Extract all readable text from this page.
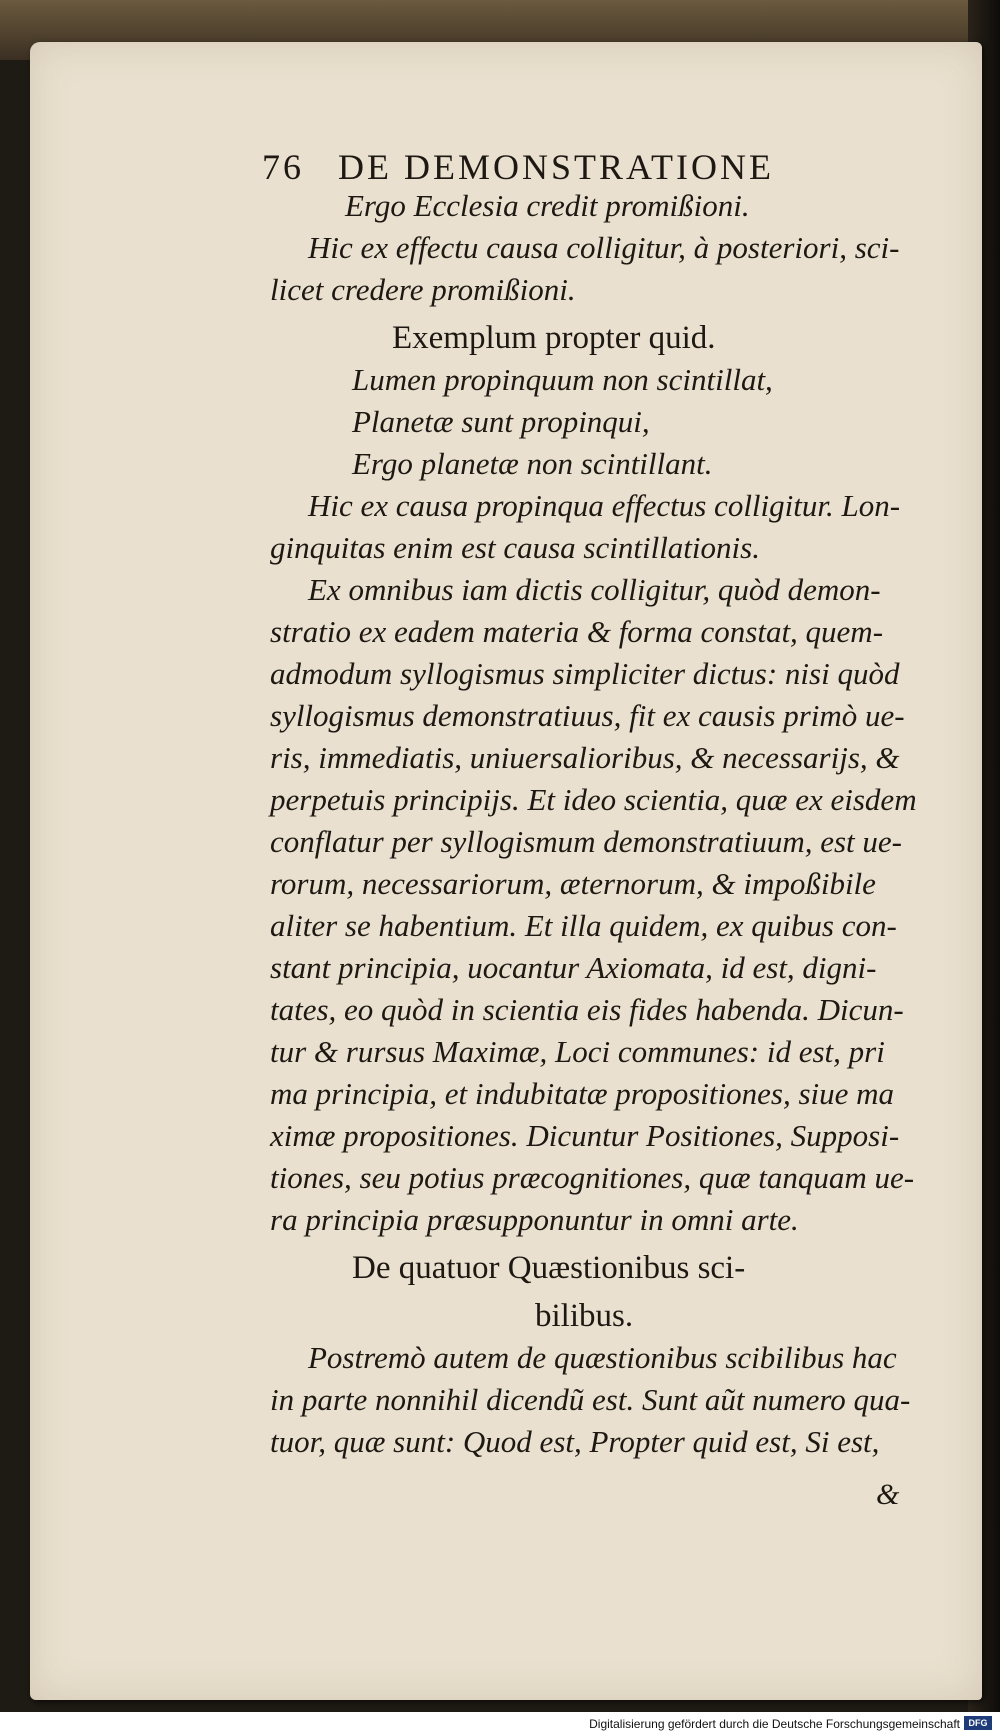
76 DE DEMONSTRATIONE
Ergo Ecclesia credit promißioni.
Hic ex effectu causa colligitur, à posteriori, sci-
licet credere promißioni.
Exemplum propter quid.
Lumen propinquum non scintillat,
Planetæ sunt propinqui,
Ergo planetæ non scintillant.
Hic ex causa propinqua effectus colligitur. Lon-
ginquitas enim est causa scintillationis.
Ex omnibus iam dictis colligitur, quòd demon-
stratio ex eadem materia & forma constat, quem-
admodum syllogismus simpliciter dictus: nisi quòd
syllogismus demonstratiuus, fit ex causis primò ue-
ris, immediatis, uniuersalioribus, & necessarijs, &
perpetuis principijs. Et ideo scientia, quæ ex eisdem
conflatur per syllogismum demonstratiuum, est ue-
rorum, necessariorum, æternorum, & impoßibile
aliter se habentium. Et illa quidem, ex quibus con-
stant principia, uocantur Axiomata, id est, digni-
tates, eo quòd in scientia eis fides habenda. Dicun-
tur & rursus Maximæ, Loci communes: id est, pri
ma principia, et indubitatæ propositiones, siue ma
ximæ propositiones. Dicuntur Positiones, Supposi-
tiones, seu potius præcognitiones, quæ tanquam ue-
ra principia præsupponuntur in omni arte.
De quatuor Quæstionibus sci-
bilibus.
Postremò autem de quæstionibus scibilibus hac
in parte nonnihil dicendũ est. Sunt aũt numero qua-
tuor, quæ sunt: Quod est, Propter quid est, Si est,
&
Digitalisierung gefördert durch die Deutsche Forschungsgemeinschaft DFG
